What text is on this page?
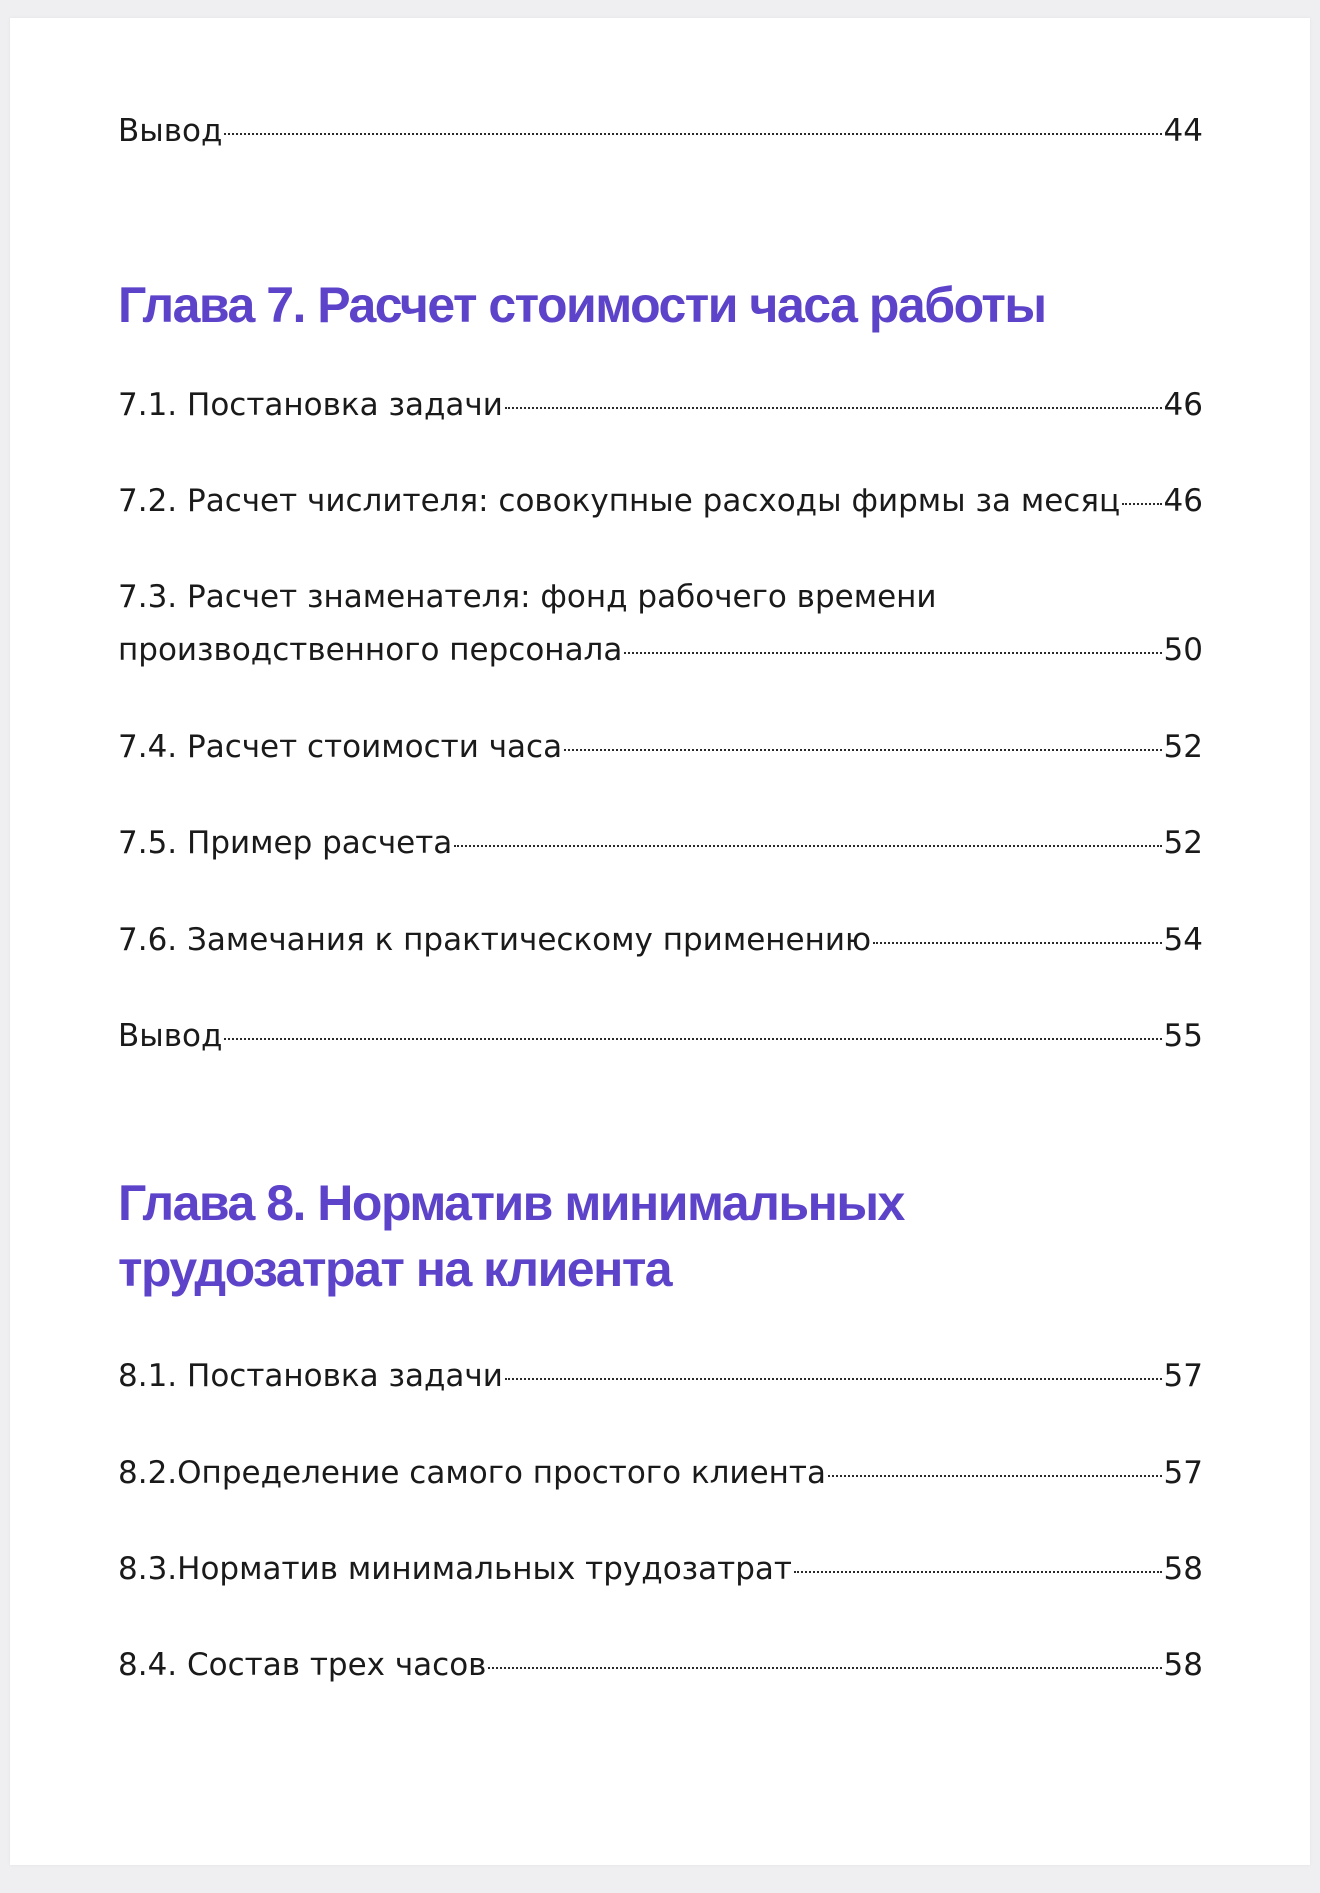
Вывод	44
Глава 7. Расчет стоимости часа работы
7.1. Постановка задачи	46
7.2. Расчет числителя: совокупные расходы фирмы за месяц 46
7.3. Расчет знаменателя: фонд рабочего времени
производственного персонала	50
7.4. Расчет стоимости часа	52
7.5. Пример расчета	52
7.6. Замечания к практическому применению	54
Вывод	55
Глава 8. Норматив минимальных
трудозатрат на клиента
8.1. Постановка задачи	57
8.2.Определение самого простого клиента	57
8.3.Норматив минимальных трудозатрат	58
8.4. Состав трех часов	58
